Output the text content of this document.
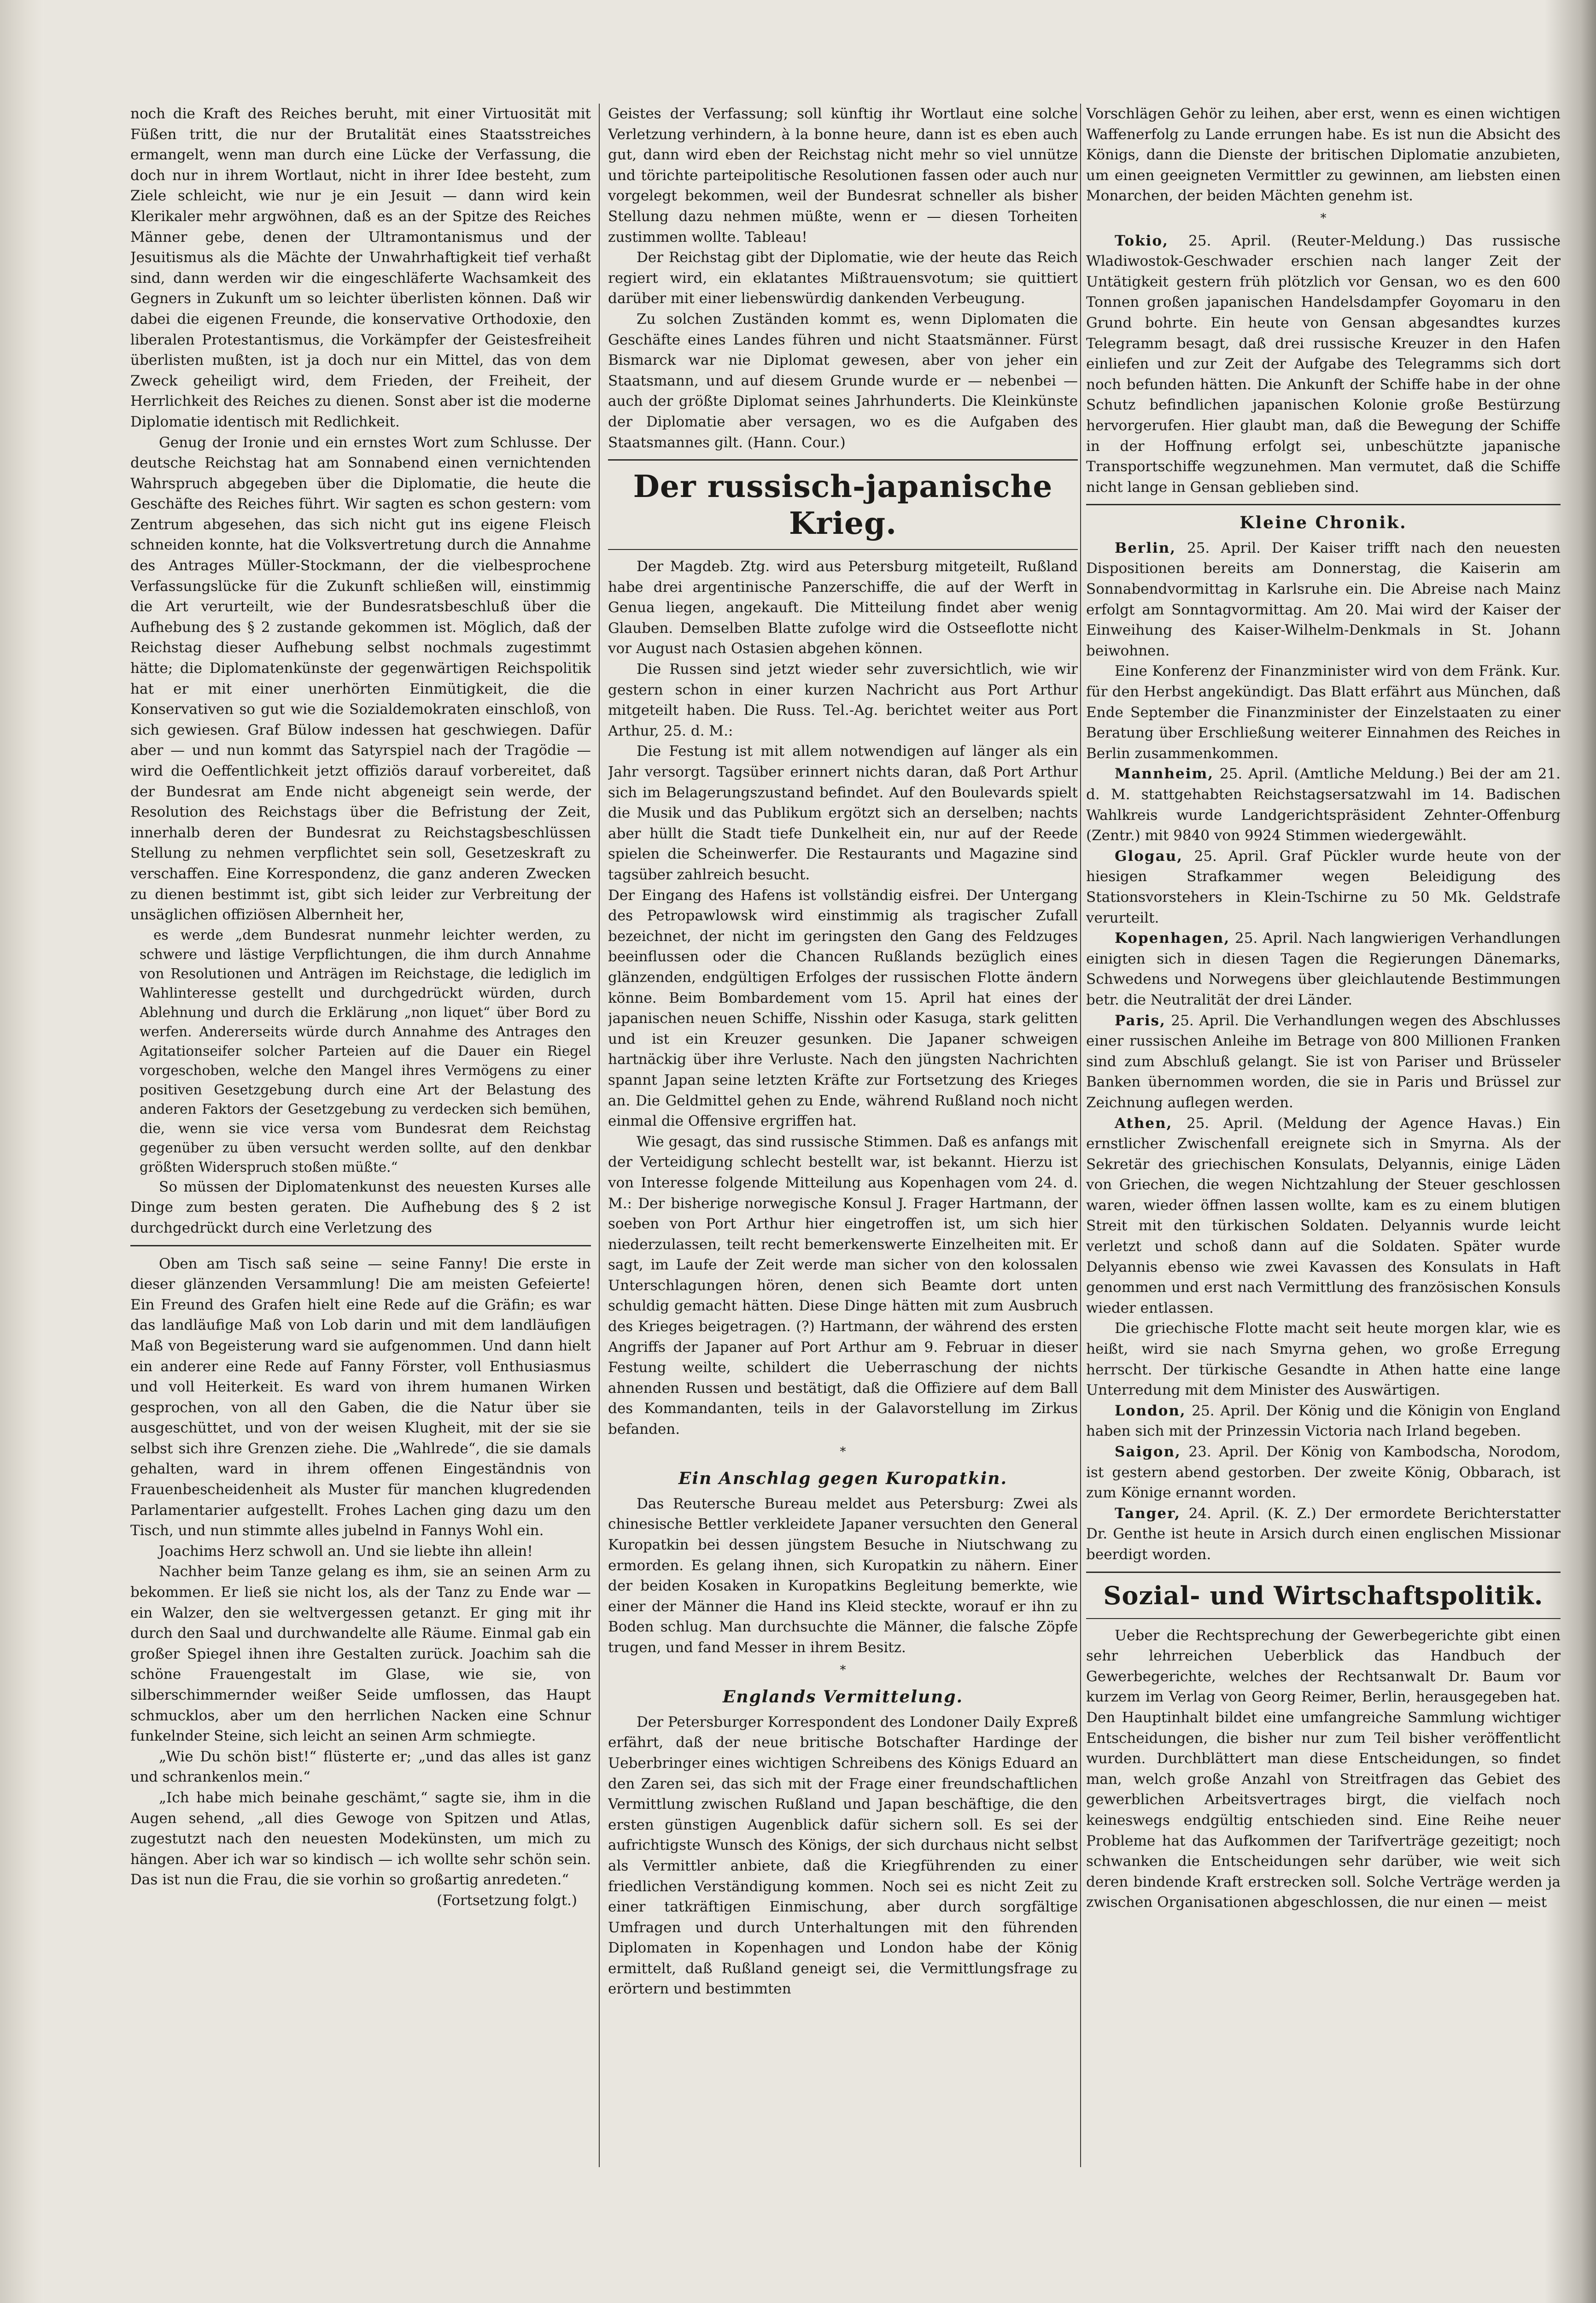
noch die Kraft des Reiches beruht, mit einer Virtuosität mit Füßen tritt, die nur der Brutalität eines Staatsstreiches ermangelt, wenn man durch eine Lücke der Verfassung, die doch nur in ihrem Wortlaut, nicht in ihrer Idee besteht, zum Ziele schleicht, wie nur je ein Jesuit — dann wird kein Klerikaler mehr argwöhnen, daß es an der Spitze des Reiches Männer gebe, denen der Ultramontanismus und der Jesuitismus als die Mächte der Unwahrhaftigkeit tief verhaßt sind, dann werden wir die eingeschläferte Wachsamkeit des Gegners in Zukunft um so leichter überlisten können. Daß wir dabei die eigenen Freunde, die konservative Orthodoxie, den liberalen Protestantismus, die Vorkämpfer der Geistesfreiheit überlisten mußten, ist ja doch nur ein Mittel, das von dem Zweck geheiligt wird, dem Frieden, der Freiheit, der Herrlichkeit des Reiches zu dienen. Sonst aber ist die moderne Diplomatie identisch mit Redlichkeit.

Genug der Ironie und ein ernstes Wort zum Schlusse. Der deutsche Reichstag hat am Sonnabend einen vernichtenden Wahrspruch abgegeben über die Diplomatie, die heute die Geschäfte des Reiches führt. Wir sagten es schon gestern: vom Zentrum abgesehen, das sich nicht gut ins eigene Fleisch schneiden konnte, hat die Volksvertretung durch die Annahme des Antrages Müller-Stockmann, der die vielbesprochene Verfassungslücke für die Zukunft schließen will, einstimmig die Art verurteilt, wie der Bundesratsbeschluß über die Aufhebung des § 2 zustande gekommen ist. Möglich, daß der Reichstag dieser Aufhebung selbst nochmals zugestimmt hätte; die Diplomatenkünste der gegenwärtigen Reichspolitik hat er mit einer unerhörten Einmütigkeit, die die Konservativen so gut wie die Sozialdemokraten einschloß, von sich gewiesen. Graf Bülow indessen hat geschwiegen. Dafür aber — und nun kommt das Satyrspiel nach der Tragödie — wird die Oeffentlichkeit jetzt offiziös darauf vorbereitet, daß der Bundesrat am Ende nicht abgeneigt sein werde, der Resolution des Reichstags über die Befristung der Zeit, innerhalb deren der Bundesrat zu Reichstagsbeschlüssen Stellung zu nehmen verpflichtet sein soll, Gesetzeskraft zu verschaffen. Eine Korrespondenz, die ganz anderen Zwecken zu dienen bestimmt ist, gibt sich leider zur Verbreitung der unsäglichen offiziösen Albernheit her,

es werde „dem Bundesrat nunmehr leichter werden, zu schwere und lästige Verpflichtungen, die ihm durch Annahme von Resolutionen und Anträgen im Reichstage, die lediglich im Wahlinteresse gestellt und durchgedrückt würden, durch Ablehnung und durch die Erklärung „non liquet“ über Bord zu werfen. Andererseits würde durch Annahme des Antrages den Agitationseifer solcher Parteien auf die Dauer ein Riegel vorgeschoben, welche den Mangel ihres Vermögens zu einer positiven Gesetzgebung durch eine Art der Belastung des anderen Faktors der Gesetzgebung zu verdecken sich bemühen, die, wenn sie vice versa vom Bundesrat dem Reichstag gegenüber zu üben versucht werden sollte, auf den denkbar größten Widerspruch stoßen müßte.“

So müssen der Diplomatenkunst des neuesten Kurses alle Dinge zum besten geraten. Die Aufhebung des § 2 ist durchgedrückt durch eine Verletzung des

Oben am Tisch saß seine — seine Fanny! Die erste in dieser glänzenden Versammlung! Die am meisten Gefeierte! Ein Freund des Grafen hielt eine Rede auf die Gräfin; es war das landläufige Maß von Lob darin und mit dem landläufigen Maß von Begeisterung ward sie aufgenommen. Und dann hielt ein anderer eine Rede auf Fanny Förster, voll Enthusiasmus und voll Heiterkeit. Es ward von ihrem humanen Wirken gesprochen, von all den Gaben, die die Natur über sie ausgeschüttet, und von der weisen Klugheit, mit der sie sie selbst sich ihre Grenzen ziehe. Die „Wahlrede“, die sie damals gehalten, ward in ihrem offenen Eingeständnis von Frauenbescheidenheit als Muster für manchen klugredenden Parlamentarier aufgestellt. Frohes Lachen ging dazu um den Tisch, und nun stimmte alles jubelnd in Fannys Wohl ein.

Joachims Herz schwoll an. Und sie liebte ihn allein!

Nachher beim Tanze gelang es ihm, sie an seinen Arm zu bekommen. Er ließ sie nicht los, als der Tanz zu Ende war — ein Walzer, den sie weltvergessen getanzt. Er ging mit ihr durch den Saal und durchwandelte alle Räume. Einmal gab ein großer Spiegel ihnen ihre Gestalten zurück. Joachim sah die schöne Frauengestalt im Glase, wie sie, von silberschimmernder weißer Seide umflossen, das Haupt schmucklos, aber um den herrlichen Nacken eine Schnur funkelnder Steine, sich leicht an seinen Arm schmiegte.

„Wie Du schön bist!“ flüsterte er; „und das alles ist ganz und schrankenlos mein.“

„Ich habe mich beinahe geschämt,“ sagte sie, ihm in die Augen sehend, „all dies Gewoge von Spitzen und Atlas, zugestutzt nach den neuesten Modekünsten, um mich zu hängen. Aber ich war so kindisch — ich wollte sehr schön sein. Das ist nun die Frau, die sie vorhin so großartig anredeten.“

(Fortsetzung folgt.)

Geistes der Verfassung; soll künftig ihr Wortlaut eine solche Verletzung verhindern, à la bonne heure, dann ist es eben auch gut, dann wird eben der Reichstag nicht mehr so viel unnütze und törichte parteipolitische Resolutionen fassen oder auch nur vorgelegt bekommen, weil der Bundesrat schneller als bisher Stellung dazu nehmen müßte, wenn er — diesen Torheiten zustimmen wollte. Tableau!

Der Reichstag gibt der Diplomatie, wie der heute das Reich regiert wird, ein eklatantes Mißtrauensvotum; sie quittiert darüber mit einer liebenswürdig dankenden Verbeugung.

Zu solchen Zuständen kommt es, wenn Diplomaten die Geschäfte eines Landes führen und nicht Staatsmänner. Fürst Bismarck war nie Diplomat gewesen, aber von jeher ein Staatsmann, und auf diesem Grunde wurde er — nebenbei — auch der größte Diplomat seines Jahrhunderts. Die Kleinkünste der Diplomatie aber versagen, wo es die Aufgaben des Staatsmannes gilt. (Hann. Cour.)

Der russisch-japanische Krieg.

Der Magdeb. Ztg. wird aus Petersburg mitgeteilt, Rußland habe drei argentinische Panzerschiffe, die auf der Werft in Genua liegen, angekauft. Die Mitteilung findet aber wenig Glauben. Demselben Blatte zufolge wird die Ostseeflotte nicht vor August nach Ostasien abgehen können.

Die Russen sind jetzt wieder sehr zuversichtlich, wie wir gestern schon in einer kurzen Nachricht aus Port Arthur mitgeteilt haben. Die Russ. Tel.-Ag. berichtet weiter aus Port Arthur, 25. d. M.:

Die Festung ist mit allem notwendigen auf länger als ein Jahr versorgt. Tagsüber erinnert nichts daran, daß Port Arthur sich im Belagerungszustand befindet. Auf den Boulevards spielt die Musik und das Publikum ergötzt sich an derselben; nachts aber hüllt die Stadt tiefe Dunkelheit ein, nur auf der Reede spielen die Scheinwerfer. Die Restaurants und Magazine sind tagsüber zahlreich besucht.

Der Eingang des Hafens ist vollständig eisfrei. Der Untergang des Petropawlowsk wird einstimmig als tragischer Zufall bezeichnet, der nicht im geringsten den Gang des Feldzuges beeinflussen oder die Chancen Rußlands bezüglich eines glänzenden, endgültigen Erfolges der russischen Flotte ändern könne. Beim Bombardement vom 15. April hat eines der japanischen neuen Schiffe, Nisshin oder Kasuga, stark gelitten und ist ein Kreuzer gesunken. Die Japaner schweigen hartnäckig über ihre Verluste. Nach den jüngsten Nachrichten spannt Japan seine letzten Kräfte zur Fortsetzung des Krieges an. Die Geldmittel gehen zu Ende, während Rußland noch nicht einmal die Offensive ergriffen hat.

Wie gesagt, das sind russische Stimmen. Daß es anfangs mit der Verteidigung schlecht bestellt war, ist bekannt. Hierzu ist von Interesse folgende Mitteilung aus Kopenhagen vom 24. d. M.: Der bisherige norwegische Konsul J. Frager Hartmann, der soeben von Port Arthur hier eingetroffen ist, um sich hier niederzulassen, teilt recht bemerkenswerte Einzelheiten mit. Er sagt, im Laufe der Zeit werde man sicher von den kolossalen Unterschlagungen hören, denen sich Beamte dort unten schuldig gemacht hätten. Diese Dinge hätten mit zum Ausbruch des Krieges beigetragen. (?) Hartmann, der während des ersten Angriffs der Japaner auf Port Arthur am 9. Februar in dieser Festung weilte, schildert die Ueberraschung der nichts ahnenden Russen und bestätigt, daß die Offiziere auf dem Ball des Kommandanten, teils in der Galavorstellung im Zirkus befanden.

*
Ein Anschlag gegen Kuropatkin.

Das Reutersche Bureau meldet aus Petersburg: Zwei als chinesische Bettler verkleidete Japaner versuchten den General Kuropatkin bei dessen jüngstem Besuche in Niutschwang zu ermorden. Es gelang ihnen, sich Kuropatkin zu nähern. Einer der beiden Kosaken in Kuropatkins Begleitung bemerkte, wie einer der Männer die Hand ins Kleid steckte, worauf er ihn zu Boden schlug. Man durchsuchte die Männer, die falsche Zöpfe trugen, und fand Messer in ihrem Besitz.

*
Englands Vermittelung.

Der Petersburger Korrespondent des Londoner Daily Expreß erfährt, daß der neue britische Botschafter Hardinge der Ueberbringer eines wichtigen Schreibens des Königs Eduard an den Zaren sei, das sich mit der Frage einer freundschaftlichen Vermittlung zwischen Rußland und Japan beschäftige, die den ersten günstigen Augenblick dafür sichern soll. Es sei der aufrichtigste Wunsch des Königs, der sich durchaus nicht selbst als Vermittler anbiete, daß die Kriegführenden zu einer friedlichen Verständigung kommen. Noch sei es nicht Zeit zu einer tatkräftigen Einmischung, aber durch sorgfältige Umfragen und durch Unterhaltungen mit den führenden Diplomaten in Kopenhagen und London habe der König ermittelt, daß Rußland geneigt sei, die Vermittlungsfrage zu erörtern und bestimmten

Vorschlägen Gehör zu leihen, aber erst, wenn es einen wichtigen Waffenerfolg zu Lande errungen habe. Es ist nun die Absicht des Königs, dann die Dienste der britischen Diplomatie anzubieten, um einen geeigneten Vermittler zu gewinnen, am liebsten einen Monarchen, der beiden Mächten genehm ist.

*

Tokio, 25. April. (Reuter-Meldung.) Das russische Wladiwostok-Geschwader erschien nach langer Zeit der Untätigkeit gestern früh plötzlich vor Gensan, wo es den 600 Tonnen großen japanischen Handelsdampfer Goyomaru in den Grund bohrte. Ein heute von Gensan abgesandtes kurzes Telegramm besagt, daß drei russische Kreuzer in den Hafen einliefen und zur Zeit der Aufgabe des Telegramms sich dort noch befunden hätten. Die Ankunft der Schiffe habe in der ohne Schutz befindlichen japanischen Kolonie große Bestürzung hervorgerufen. Hier glaubt man, daß die Bewegung der Schiffe in der Hoffnung erfolgt sei, unbeschützte japanische Transportschiffe wegzunehmen. Man vermutet, daß die Schiffe nicht lange in Gensan geblieben sind.

Kleine Chronik.

Berlin, 25. April. Der Kaiser trifft nach den neuesten Dispositionen bereits am Donnerstag, die Kaiserin am Sonnabendvormittag in Karlsruhe ein. Die Abreise nach Mainz erfolgt am Sonntagvormittag. Am 20. Mai wird der Kaiser der Einweihung des Kaiser-Wilhelm-Denkmals in St. Johann beiwohnen.

Eine Konferenz der Finanzminister wird von dem Fränk. Kur. für den Herbst angekündigt. Das Blatt erfährt aus München, daß Ende September die Finanzminister der Einzelstaaten zu einer Beratung über Erschließung weiterer Einnahmen des Reiches in Berlin zusammenkommen.

Mannheim, 25. April. (Amtliche Meldung.) Bei der am 21. d. M. stattgehabten Reichstagsersatzwahl im 14. Badischen Wahlkreis wurde Landgerichtspräsident Zehnter-Offenburg (Zentr.) mit 9840 von 9924 Stimmen wiedergewählt.

Glogau, 25. April. Graf Pückler wurde heute von der hiesigen Strafkammer wegen Beleidigung des Stationsvorstehers in Klein-Tschirne zu 50 Mk. Geldstrafe verurteilt.

Kopenhagen, 25. April. Nach langwierigen Verhandlungen einigten sich in diesen Tagen die Regierungen Dänemarks, Schwedens und Norwegens über gleichlautende Bestimmungen betr. die Neutralität der drei Länder.

Paris, 25. April. Die Verhandlungen wegen des Abschlusses einer russischen Anleihe im Betrage von 800 Millionen Franken sind zum Abschluß gelangt. Sie ist von Pariser und Brüsseler Banken übernommen worden, die sie in Paris und Brüssel zur Zeichnung auflegen werden.

Athen, 25. April. (Meldung der Agence Havas.) Ein ernstlicher Zwischenfall ereignete sich in Smyrna. Als der Sekretär des griechischen Konsulats, Delyannis, einige Läden von Griechen, die wegen Nichtzahlung der Steuer geschlossen waren, wieder öffnen lassen wollte, kam es zu einem blutigen Streit mit den türkischen Soldaten. Delyannis wurde leicht verletzt und schoß dann auf die Soldaten. Später wurde Delyannis ebenso wie zwei Kavassen des Konsulats in Haft genommen und erst nach Vermittlung des französischen Konsuls wieder entlassen.

Die griechische Flotte macht seit heute morgen klar, wie es heißt, wird sie nach Smyrna gehen, wo große Erregung herrscht. Der türkische Gesandte in Athen hatte eine lange Unterredung mit dem Minister des Auswärtigen.

London, 25. April. Der König und die Königin von England haben sich mit der Prinzessin Victoria nach Irland begeben.

Saigon, 23. April. Der König von Kambodscha, Norodom, ist gestern abend gestorben. Der zweite König, Obbarach, ist zum Könige ernannt worden.

Tanger, 24. April. (K. Z.) Der ermordete Berichterstatter Dr. Genthe ist heute in Arsich durch einen englischen Missionar beerdigt worden.

Sozial- und Wirtschaftspolitik.

Ueber die Rechtsprechung der Gewerbegerichte gibt einen sehr lehrreichen Ueberblick das Handbuch der Gewerbegerichte, welches der Rechtsanwalt Dr. Baum vor kurzem im Verlag von Georg Reimer, Berlin, herausgegeben hat. Den Hauptinhalt bildet eine umfangreiche Sammlung wichtiger Entscheidungen, die bisher nur zum Teil bisher veröffentlicht wurden. Durchblättert man diese Entscheidungen, so findet man, welch große Anzahl von Streitfragen das Gebiet des gewerblichen Arbeitsvertrages birgt, die vielfach noch keineswegs endgültig entschieden sind. Eine Reihe neuer Probleme hat das Aufkommen der Tarifverträge gezeitigt; noch schwanken die Entscheidungen sehr darüber, wie weit sich deren bindende Kraft erstrecken soll. Solche Verträge werden ja zwischen Organisationen abgeschlossen, die nur einen — meist
